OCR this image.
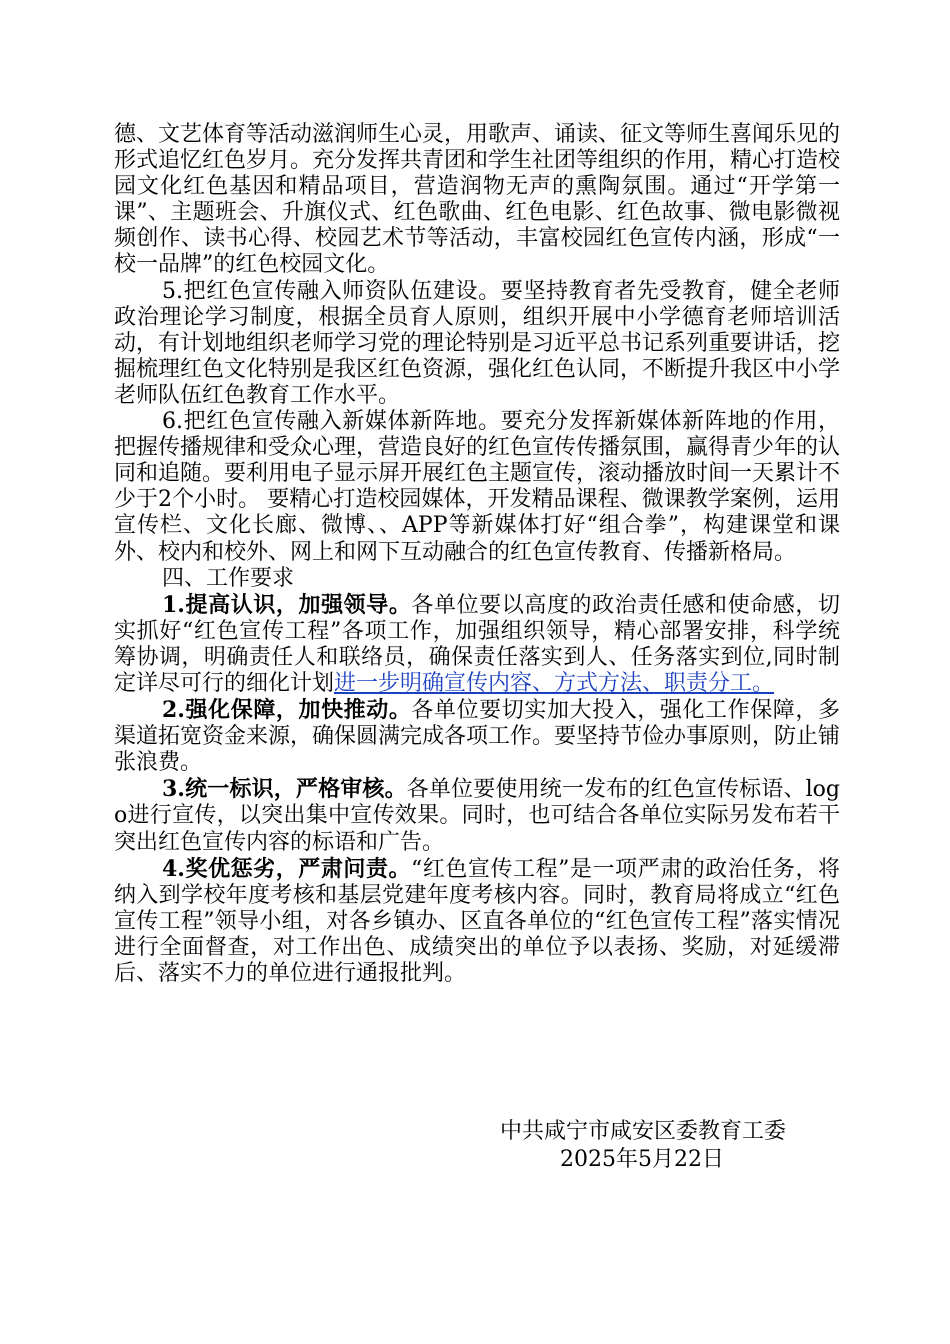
德、文艺体育等活动滋润师生心灵，用歌声、诵读、征文等师生喜闻乐见的形式追忆红色岁月。充分发挥共青团和学生社团等组织的作用，精心打造校园文化红色基因和精品项目，营造润物无声的熏陶氛围。通过“开学第一课”、主题班会、升旗仪式、红色歌曲、红色电影、红色故事、微电影微视频创作、读书心得、校园艺术节等活动，丰富校园红色宣传内涵，形成“一校一品牌”的红色校园文化。

5.把红色宣传融入师资队伍建设。要坚持教育者先受教育，健全老师政治理论学习制度，根据全员育人原则，组织开展中小学德育老师培训活动，有计划地组织老师学习党的理论特别是习近平总书记系列重要讲话，挖掘梳理红色文化特别是我区红色资源，强化红色认同，不断提升我区中小学老师队伍红色教育工作水平。

6.把红色宣传融入新媒体新阵地。要充分发挥新媒体新阵地的作用，把握传播规律和受众心理，营造良好的红色宣传传播氛围，赢得青少年的认同和追随。要利用电子显示屏开展红色主题宣传，滚动播放时间一天累计不少于2个小时。 要精心打造校园媒体，开发精品课程、微课教学案例，运用宣传栏、文化长廊、微博、、APP等新媒体打好“组合拳”，构建课堂和课外、校内和校外、网上和网下互动融合的红色宣传教育、传播新格局。

四、工作要求

1.提高认识，加强领导。各单位要以高度的政治责任感和使命感，切实抓好“红色宣传工程”各项工作，加强组织领导，精心部署安排，科学统筹协调，明确责任人和联络员，确保责任落实到人、任务落实到位,同时制定详尽可行的细化计划进一步明确宣传内容、方式方法、职责分工。

2.强化保障，加快推动。各单位要切实加大投入，强化工作保障，多渠道拓宽资金来源，确保圆满完成各项工作。要坚持节俭办事原则，防止铺张浪费。

3.统一标识，严格审核。各单位要使用统一发布的红色宣传标语、logo进行宣传，以突出集中宣传效果。同时，也可结合各单位实际另发布若干突出红色宣传内容的标语和广告。

4.奖优惩劣，严肃问责。“红色宣传工程”是一项严肃的政治任务，将纳入到学校年度考核和基层党建年度考核内容。同时，教育局将成立“红色宣传工程”领导小组，对各乡镇办、区直各单位的“红色宣传工程”落实情况进行全面督查，对工作出色、成绩突出的单位予以表扬、奖励，对延缓滞后、落实不力的单位进行通报批判。

中共咸宁市咸安区委教育工委
2025年5月22日
